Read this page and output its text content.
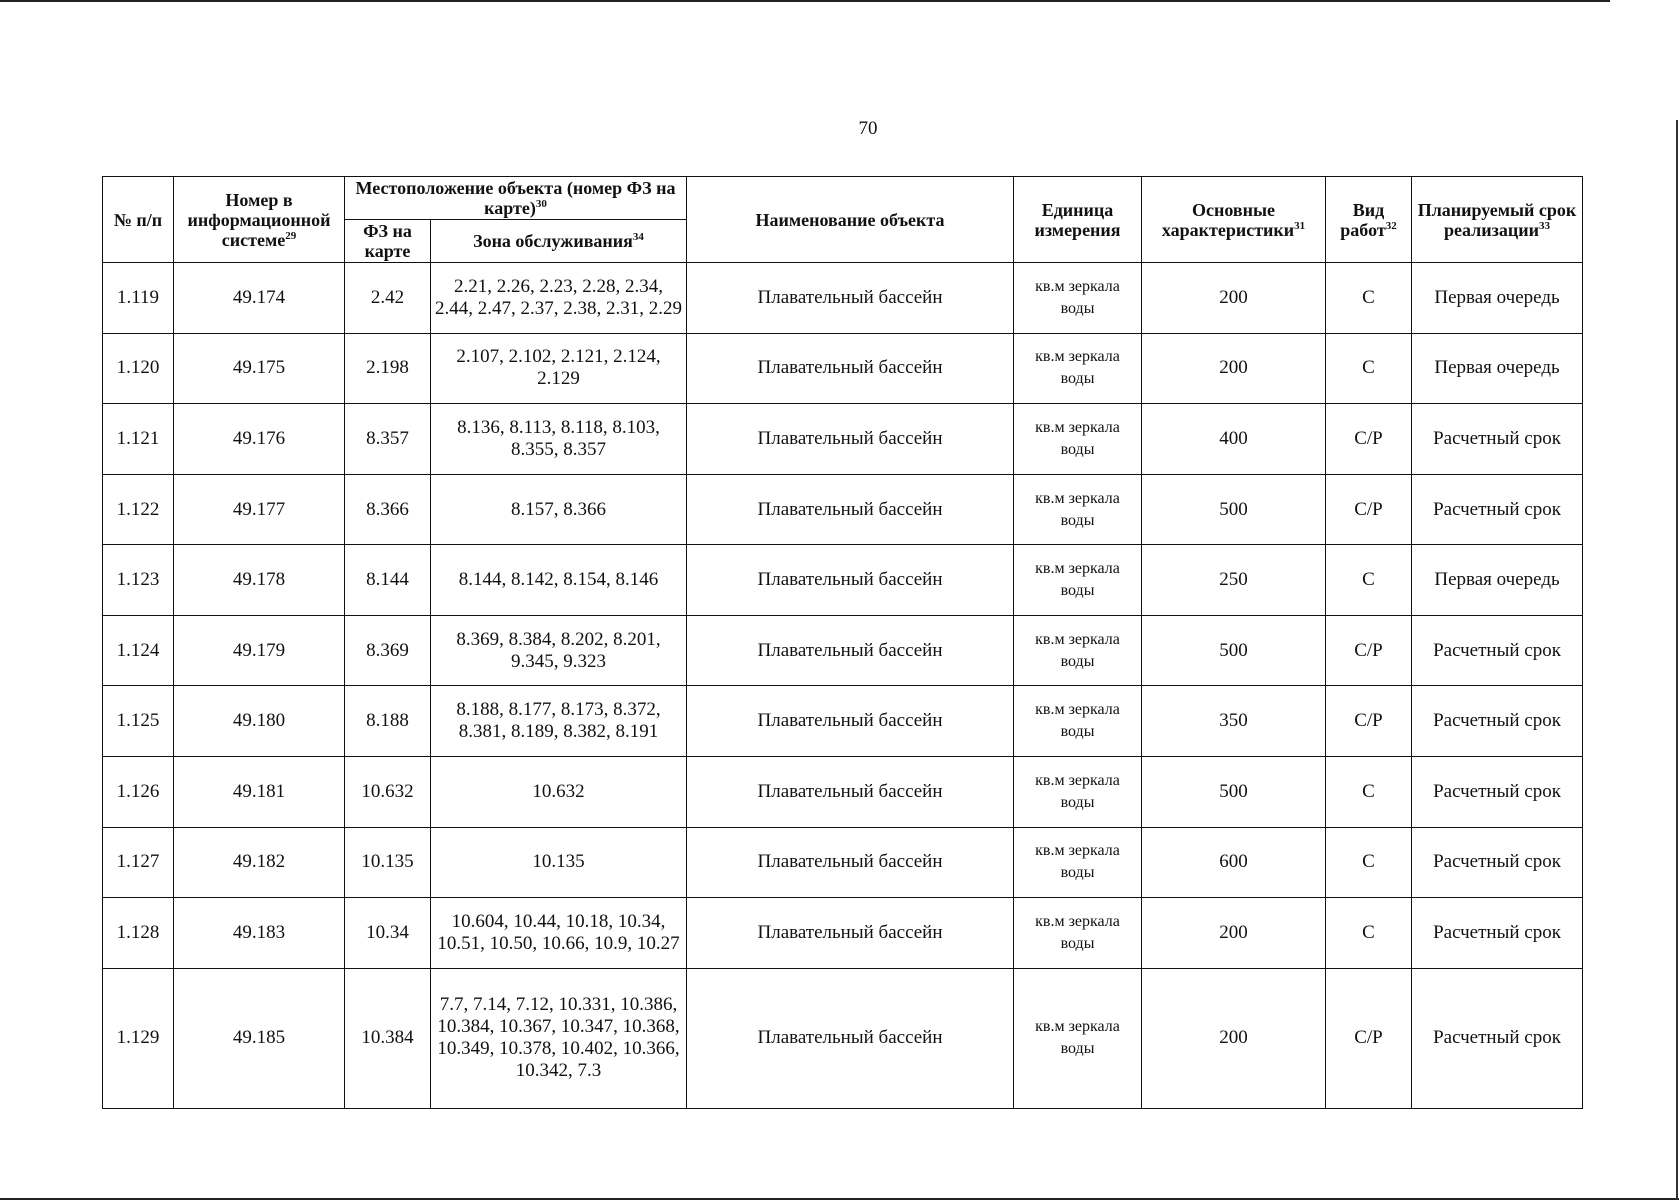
70
№ п/п	Номер в информационной системе$^{29}$	Местоположение объекта (номер ФЗ на карте)$^{30}$		Наименование объекта	Единица измерения	Основные характеристики$^{31}$	Вид работ$^{32}$	Планируемый срок реализации$^{33}$
		ФЗ на карте	Зона обслуживания$^{34}$
1.119	49.174	2.42	2.21, 2.26, 2.23, 2.28, 2.34, 2.44, 2.47, 2.37, 2.38, 2.31, 2.29	Плавательный бассейн	кв.м зеркала воды	200	С	Первая очередь
1.120	49.175	2.198	2.107, 2.102, 2.121, 2.124, 2.129	Плавательный бассейн	кв.м зеркала воды	200	С	Первая очередь
1.121	49.176	8.357	8.136, 8.113, 8.118, 8.103, 8.355, 8.357	Плавательный бассейн	кв.м зеркала воды	400	С/Р	Расчетный срок
1.122	49.177	8.366	8.157, 8.366	Плавательный бассейн	кв.м зеркала воды	500	С/Р	Расчетный срок
1.123	49.178	8.144	8.144, 8.142, 8.154, 8.146	Плавательный бассейн	кв.м зеркала воды	250	С	Первая очередь
1.124	49.179	8.369	8.369, 8.384, 8.202, 8.201, 9.345, 9.323	Плавательный бассейн	кв.м зеркала воды	500	С/Р	Расчетный срок
1.125	49.180	8.188	8.188, 8.177, 8.173, 8.372, 8.381, 8.189, 8.382, 8.191	Плавательный бассейн	кв.м зеркала воды	350	С/Р	Расчетный срок
1.126	49.181	10.632	10.632	Плавательный бассейн	кв.м зеркала воды	500	С	Расчетный срок
1.127	49.182	10.135	10.135	Плавательный бассейн	кв.м зеркала воды	600	С	Расчетный срок
1.128	49.183	10.34	10.604, 10.44, 10.18, 10.34, 10.51, 10.50, 10.66, 10.9, 10.27	Плавательный бассейн	кв.м зеркала воды	200	С	Расчетный срок
1.129	49.185	10.384	7.7, 7.14, 7.12, 10.331, 10.386, 10.384, 10.367, 10.347, 10.368, 10.349, 10.378, 10.402, 10.366, 10.342, 7.3	Плавательный бассейн	кв.м зеркала воды	200	С/Р	Расчетный срок
